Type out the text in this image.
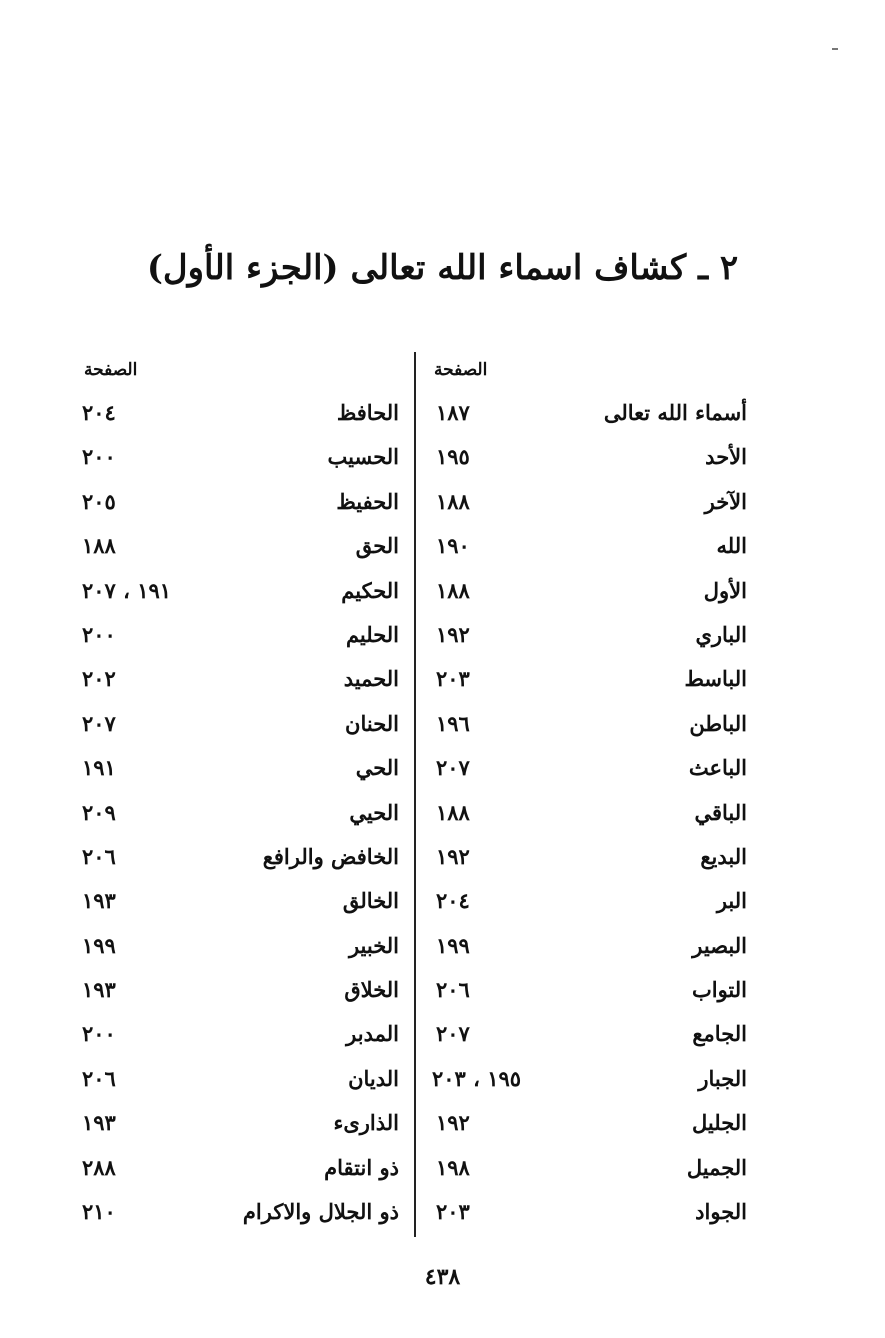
٢ ـ كشاف اسماء الله تعالى (الجزء الأول)
الصفحة
أسماء الله تعالى
١٨٧
الأحد
١٩٥
الآخر
١٨٨
الله
١٩٠
الأول
١٨٨
الباري
١٩٢
الباسط
٢٠٣
الباطن
١٩٦
الباعث
٢٠٧
الباقي
١٨٨
البديع
١٩٢
البر
٢٠٤
البصير
١٩٩
التواب
٢٠٦
الجامع
٢٠٧
الجبار
١٩٥ ، ٢٠٣
الجليل
١٩٢
الجميل
١٩٨
الجواد
٢٠٣
الصفحة
الحافظ
٢٠٤
الحسيب
٢٠٠
الحفيظ
٢٠٥
الحق
١٨٨
الحكيم
١٩١ ، ٢٠٧
الحليم
٢٠٠
الحميد
٢٠٢
الحنان
٢٠٧
الحي
١٩١
الحيي
٢٠٩
الخافض والرافع
٢٠٦
الخالق
١٩٣
الخبير
١٩٩
الخلاق
١٩٣
المدبر
٢٠٠
الديان
٢٠٦
الذارىء
١٩٣
ذو انتقام
٢٨٨
ذو الجلال والاكرام
٢١٠
٤٣٨
